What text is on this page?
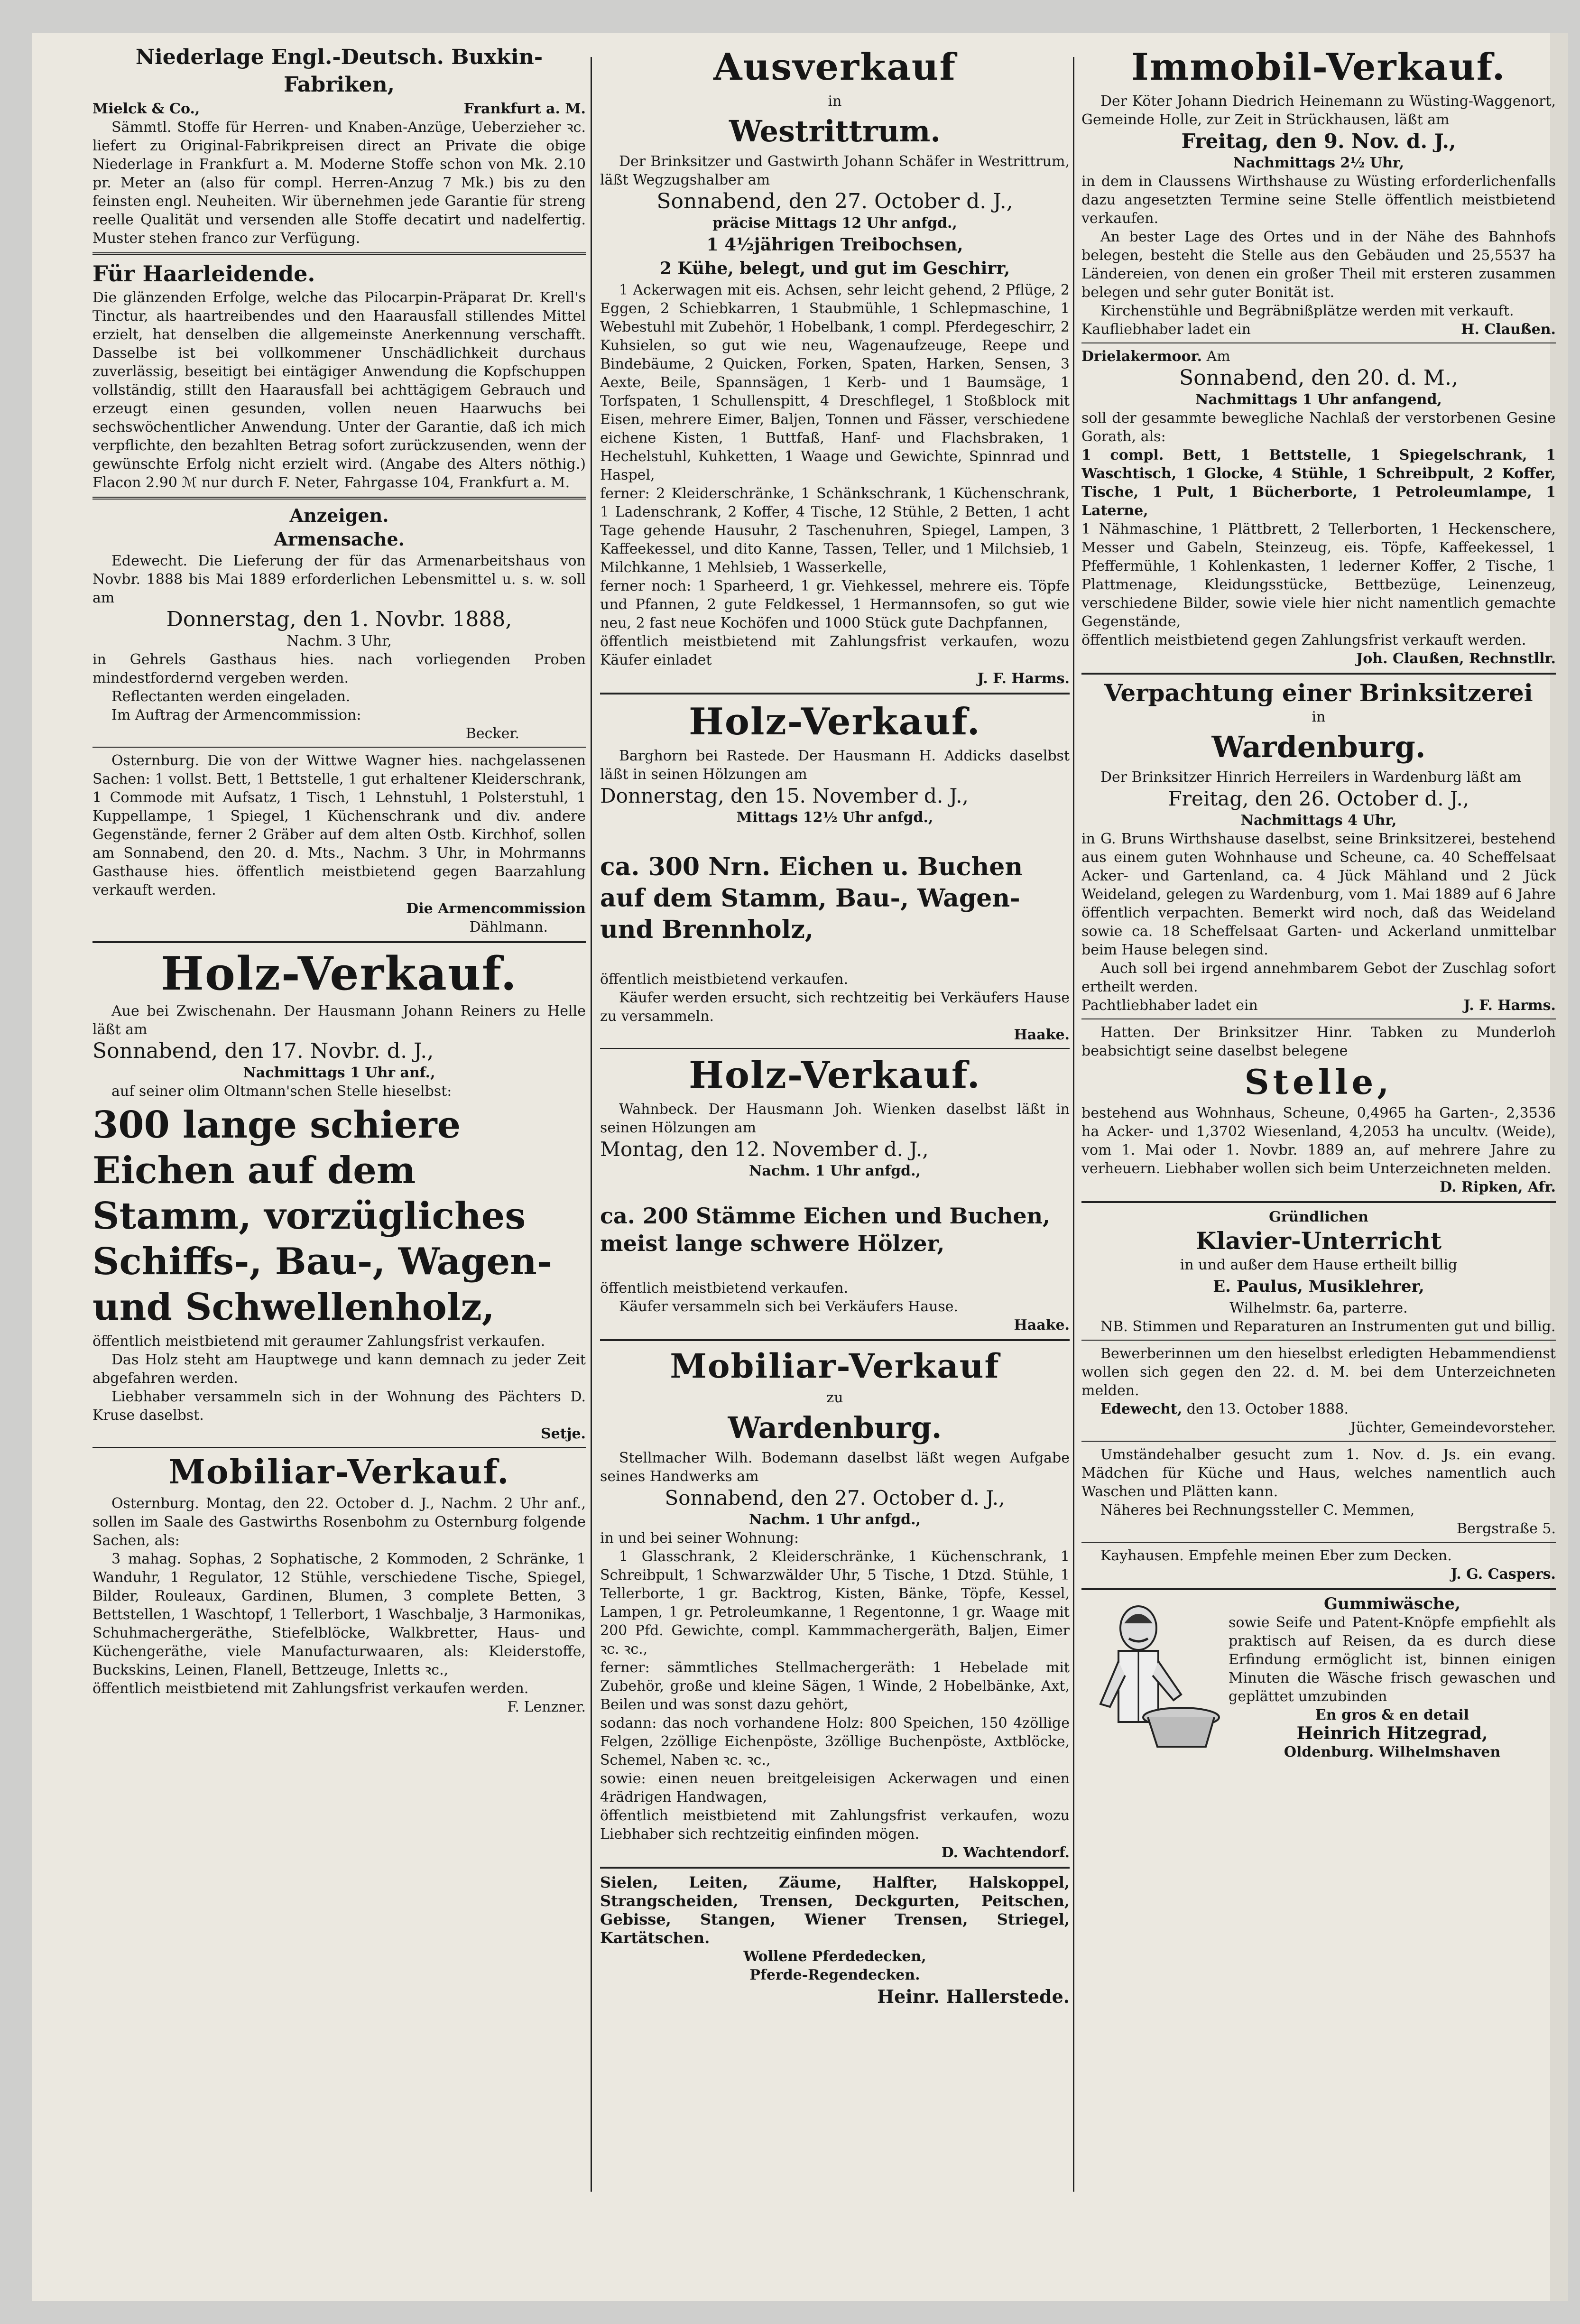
Niederlage Engl.-Deutsch. Buxkin-Fabriken,

Mielck & Co.,	Frankfurt a. M.

Sämmtl. Stoffe für Herren- und Knaben-Anzüge, Ueberzieher ꝛc. liefert zu Original-Fabrikpreisen direct an Private die obige Niederlage in Frankfurt a. M. Moderne Stoffe schon von Mk. 2.10 pr. Meter an (also für compl. Herren-Anzug 7 Mk.) bis zu den feinsten engl. Neuheiten. Wir übernehmen jede Garantie für streng reelle Qualität und versenden alle Stoffe decatirt und nadelfertig. Muster stehen franco zur Verfügung.

Für Haarleidende.

Die glänzenden Erfolge, welche das Pilocarpin-Präparat Dr. Krell's Tinctur, als haartreibendes und den Haarausfall stillendes Mittel erzielt, hat denselben die allgemeinste Anerkennung verschafft. Dasselbe ist bei vollkommener Unschädlichkeit durchaus zuverlässig, beseitigt bei eintägiger Anwendung die Kopfschuppen vollständig, stillt den Haarausfall bei achttägigem Gebrauch und erzeugt einen gesunden, vollen neuen Haarwuchs bei sechswöchentlicher Anwendung. Unter der Garantie, daß ich mich verpflichte, den bezahlten Betrag sofort zurückzusenden, wenn der gewünschte Erfolg nicht erzielt wird. (Angabe des Alters nöthig.) Flacon 2.90 ℳ nur durch F. Neter, Fahrgasse 104, Frankfurt a. M.

Anzeigen.

Armensache.

Edewecht. Die Lieferung der für das Armenarbeitshaus von Novbr. 1888 bis Mai 1889 erforderlichen Lebensmittel u. s. w. soll am

Donnerstag, den 1. Novbr. 1888,

Nachm. 3 Uhr,

in Gehrels Gasthaus hies. nach vorliegenden Proben mindestfordernd vergeben werden.

Reflectanten werden eingeladen.

Im Auftrag der Armencommission:

Becker.

Osternburg. Die von der Wittwe Wagner hies. nachgelassenen Sachen: 1 vollst. Bett, 1 Bettstelle, 1 gut erhaltener Kleiderschrank, 1 Commode mit Aufsatz, 1 Tisch, 1 Lehnstuhl, 1 Polsterstuhl, 1 Kuppellampe, 1 Spiegel, 1 Küchenschrank und div. andere Gegenstände, ferner 2 Gräber auf dem alten Ostb. Kirchhof, sollen am Sonnabend, den 20. d. Mts., Nachm. 3 Uhr, in Mohrmanns Gasthause hies. öffentlich meistbietend gegen Baarzahlung verkauft werden.

Die Armencommission

Dählmann.

Holz-Verkauf.

Aue bei Zwischenahn. Der Hausmann Johann Reiners zu Helle läßt am

Sonnabend, den 17. Novbr. d. J.,

Nachmittags 1 Uhr anf.,

auf seiner olim Oltmann'schen Stelle hieselbst:

300 lange schiere Eichen auf dem Stamm, vorzügliches Schiffs-, Bau-, Wagen- und Schwellenholz,

öffentlich meistbietend mit geraumer Zahlungsfrist verkaufen.

Das Holz steht am Hauptwege und kann demnach zu jeder Zeit abgefahren werden.

Liebhaber versammeln sich in der Wohnung des Pächters D. Kruse daselbst.

Setje.

Mobiliar-Verkauf.

Osternburg. Montag, den 22. October d. J., Nachm. 2 Uhr anf., sollen im Saale des Gastwirths Rosenbohm zu Osternburg folgende Sachen, als:

3 mahag. Sophas, 2 Sophatische, 2 Kommoden, 2 Schränke, 1 Wanduhr, 1 Regulator, 12 Stühle, verschiedene Tische, Spiegel, Bilder, Rouleaux, Gardinen, Blumen, 3 complete Betten, 3 Bettstellen, 1 Waschtopf, 1 Tellerbort, 1 Waschbalje, 3 Harmonikas, Schuhmachergeräthe, Stiefelblöcke, Walkbretter, Haus- und Küchengeräthe, viele Manufacturwaaren, als: Kleiderstoffe, Buckskins, Leinen, Flanell, Bettzeuge, Inletts ꝛc.,

öffentlich meistbietend mit Zahlungsfrist verkaufen werden.

F. Lenzner.

Ausverkauf

in

Westrittrum.

Der Brinksitzer und Gastwirth Johann Schäfer in Westrittrum, läßt Wegzugshalber am

Sonnabend, den 27. October d. J.,

präcise Mittags 12 Uhr anfgd.,

1 4½jährigen Treibochsen,

2 Kühe, belegt, und gut im Geschirr,

1 Ackerwagen mit eis. Achsen, sehr leicht gehend, 2 Pflüge, 2 Eggen, 2 Schiebkarren, 1 Staubmühle, 1 Schlepmaschine, 1 Webestuhl mit Zubehör, 1 Hobelbank, 1 compl. Pferdegeschirr, 2 Kuhsielen, so gut wie neu, Wagenaufzeuge, Reepe und Bindebäume, 2 Quicken, Forken, Spaten, Harken, Sensen, 3 Aexte, Beile, Spannsägen, 1 Kerb- und 1 Baumsäge, 1 Torfspaten, 1 Schullenspitt, 4 Dreschflegel, 1 Stoßblock mit Eisen, mehrere Eimer, Baljen, Tonnen und Fässer, verschiedene eichene Kisten, 1 Buttfaß, Hanf- und Flachsbraken, 1 Hechelstuhl, Kuhketten, 1 Waage und Gewichte, Spinnrad und Haspel,

ferner: 2 Kleiderschränke, 1 Schänkschrank, 1 Küchenschrank, 1 Ladenschrank, 2 Koffer, 4 Tische, 12 Stühle, 2 Betten, 1 acht Tage gehende Hausuhr, 2 Taschenuhren, Spiegel, Lampen, 3 Kaffeekessel, und dito Kanne, Tassen, Teller, und 1 Milchsieb, 1 Milchkanne, 1 Mehlsieb, 1 Wasserkelle,

ferner noch: 1 Sparheerd, 1 gr. Viehkessel, mehrere eis. Töpfe und Pfannen, 2 gute Feldkessel, 1 Hermannsofen, so gut wie neu, 2 fast neue Kochöfen und 1000 Stück gute Dachpfannen,

öffentlich meistbietend mit Zahlungsfrist verkaufen, wozu Käufer einladet

J. F. Harms.

Holz-Verkauf.

Barghorn bei Rastede. Der Hausmann H. Addicks daselbst läßt in seinen Hölzungen am

Donnerstag, den 15. November d. J.,

Mittags 12½ Uhr anfgd.,

ca. 300 Nrn. Eichen u. Buchen auf dem Stamm, Bau-, Wagen- und Brennholz,

öffentlich meistbietend verkaufen.

Käufer werden ersucht, sich rechtzeitig bei Verkäufers Hause zu versammeln.

Haake.

Holz-Verkauf.

Wahnbeck. Der Hausmann Joh. Wienken daselbst läßt in seinen Hölzungen am

Montag, den 12. November d. J.,

Nachm. 1 Uhr anfgd.,

ca. 200 Stämme Eichen und Buchen, meist lange schwere Hölzer,

öffentlich meistbietend verkaufen.

Käufer versammeln sich bei Verkäufers Hause.

Haake.

Mobiliar-Verkauf

zu

Wardenburg.

Stellmacher Wilh. Bodemann daselbst läßt wegen Aufgabe seines Handwerks am

Sonnabend, den 27. October d. J.,

Nachm. 1 Uhr anfgd.,

in und bei seiner Wohnung:

1 Glasschrank, 2 Kleiderschränke, 1 Küchenschrank, 1 Schreibpult, 1 Schwarzwälder Uhr, 5 Tische, 1 Dtzd. Stühle, 1 Tellerborte, 1 gr. Backtrog, Kisten, Bänke, Töpfe, Kessel, Lampen, 1 gr. Petroleumkanne, 1 Regentonne, 1 gr. Waage mit 200 Pfd. Gewichte, compl. Kammmachergeräth, Baljen, Eimer ꝛc. ꝛc.,

ferner: sämmtliches Stellmachergeräth: 1 Hebelade mit Zubehör, große und kleine Sägen, 1 Winde, 2 Hobelbänke, Axt, Beilen und was sonst dazu gehört,

sodann: das noch vorhandene Holz: 800 Speichen, 150 4zöllige Felgen, 2zöllige Eichenpöste, 3zöllige Buchenpöste, Axtblöcke, Schemel, Naben ꝛc. ꝛc.,

sowie: einen neuen breitgeleisigen Ackerwagen und einen 4rädrigen Handwagen,

öffentlich meistbietend mit Zahlungsfrist verkaufen, wozu Liebhaber sich rechtzeitig einfinden mögen.

D. Wachtendorf.

Sielen, Leiten, Zäume, Halfter, Halskoppel, Strangscheiden, Trensen, Deckgurten, Peitschen, Gebisse, Stangen, Wiener Trensen, Striegel, Kartätschen.

Wollene Pferdedecken,

Pferde-Regendecken.

Heinr. Hallerstede.

Immobil-Verkauf.

Der Köter Johann Diedrich Heinemann zu Wüsting-Waggenort, Gemeinde Holle, zur Zeit in Strückhausen, läßt am

Freitag, den 9. Nov. d. J.,

Nachmittags 2½ Uhr,

in dem in Claussens Wirthshause zu Wüsting erforderlichenfalls dazu angesetzten Termine seine Stelle öffentlich meistbietend verkaufen.

An bester Lage des Ortes und in der Nähe des Bahnhofs belegen, besteht die Stelle aus den Gebäuden und 25,5537 ha Ländereien, von denen ein großer Theil mit ersteren zusammen belegen und sehr guter Bonität ist.

Kirchenstühle und Begräbnißplätze werden mit verkauft.

Kaufliebhaber ladet ein	H. Claußen.

Drielakermoor. Am

Sonnabend, den 20. d. M.,

Nachmittags 1 Uhr anfangend,

soll der gesammte bewegliche Nachlaß der verstorbenen Gesine Gorath, als:

1 compl. Bett, 1 Bettstelle, 1 Spiegelschrank, 1 Waschtisch, 1 Glocke, 4 Stühle, 1 Schreibpult, 2 Koffer, Tische, 1 Pult, 1 Bücherborte, 1 Petroleumlampe, 1 Laterne,

1 Nähmaschine, 1 Plättbrett, 2 Tellerborten, 1 Heckenschere, Messer und Gabeln, Steinzeug, eis. Töpfe, Kaffeekessel, 1 Pfeffermühle, 1 Kohlenkasten, 1 lederner Koffer, 2 Tische, 1 Plattmenage, Kleidungsstücke, Bettbezüge, Leinenzeug, verschiedene Bilder, sowie viele hier nicht namentlich gemachte Gegenstände,

öffentlich meistbietend gegen Zahlungsfrist verkauft werden.

Joh. Claußen, Rechnstllr.

Verpachtung einer Brinksitzerei

in

Wardenburg.

Der Brinksitzer Hinrich Herreilers in Wardenburg läßt am

Freitag, den 26. October d. J.,

Nachmittags 4 Uhr,

in G. Bruns Wirthshause daselbst, seine Brinksitzerei, bestehend aus einem guten Wohnhause und Scheune, ca. 40 Scheffelsaat Acker- und Gartenland, ca. 4 Jück Mähland und 2 Jück Weideland, gelegen zu Wardenburg, vom 1. Mai 1889 auf 6 Jahre öffentlich verpachten. Bemerkt wird noch, daß das Weideland sowie ca. 18 Scheffelsaat Garten- und Ackerland unmittelbar beim Hause belegen sind.

Auch soll bei irgend annehmbarem Gebot der Zuschlag sofort ertheilt werden.

Pachtliebhaber ladet ein	J. F. Harms.

Hatten. Der Brinksitzer Hinr. Tabken zu Munderloh beabsichtigt seine daselbst belegene

Stelle,

bestehend aus Wohnhaus, Scheune, 0,4965 ha Garten-, 2,3536 ha Acker- und 1,3702 Wiesenland, 4,2053 ha uncultv. (Weide), vom 1. Mai oder 1. Novbr. 1889 an, auf mehrere Jahre zu verheuern. Liebhaber wollen sich beim Unterzeichneten melden.

D. Ripken, Afr.

Gründlichen

Klavier-Unterricht

in und außer dem Hause ertheilt billig

E. Paulus, Musiklehrer,

Wilhelmstr. 6a, parterre.

NB. Stimmen und Reparaturen an Instrumenten gut und billig.

Bewerberinnen um den hieselbst erledigten Hebammendienst wollen sich gegen den 22. d. M. bei dem Unterzeichneten melden.

Edewecht, den 13. October 1888.

Jüchter, Gemeindevorsteher.

Umständehalber gesucht zum 1. Nov. d. Js. ein evang. Mädchen für Küche und Haus, welches namentlich auch Waschen und Plätten kann.

Näheres bei Rechnungssteller C. Memmen,

Bergstraße 5.

Kayhausen. Empfehle meinen Eber zum Decken.

J. G. Caspers.

Gummiwäsche,

sowie Seife und Patent-Knöpfe empfiehlt als praktisch auf Reisen, da es durch diese Erfindung ermöglicht ist, binnen einigen Minuten die Wäsche frisch gewaschen und geplättet umzubinden

En gros & en detail

Heinrich Hitzegrad,

Oldenburg. Wilhelmshaven
